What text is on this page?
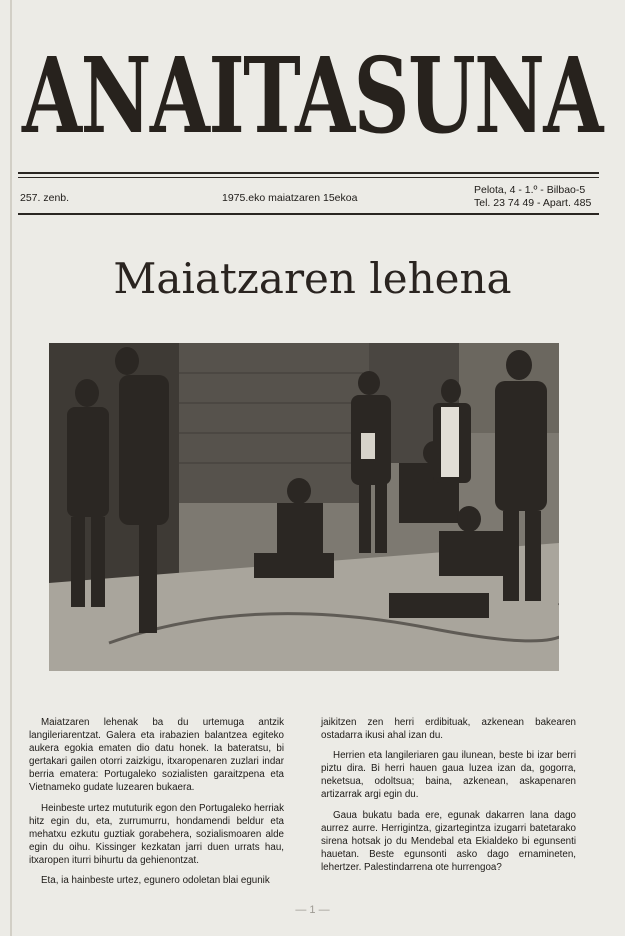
ANAITASUNA
257. zenb.	1975.eko maiatzaren 15ekoa
Pelota, 4 - 1.º - Bilbao-5
Tel. 23 74 49 - Apart. 485
Maiatzaren lehena

Maiatzaren lehenak ba du urtemuga antzik langileriarentzat. Galera eta irabazien balantzea egiteko aukera egokia ematen dio datu honek. Ia bateratsu, bi gertakari gailen otorri zaizkigu, itxaropenaren zuzlari indar berria ematera: Portugaleko sozialisten garaitzpena eta Vietnameko gudate luzearen bukaera.

Heinbeste urtez mututurik egon den Portugaleko herriak hitz egin du, eta, zurrumurru, hondamendi beldur eta mehatxu ezkutu guztiak gorabehera, sozialismoaren alde egin du oihu. Kissinger kezkatan jarri duen urrats hau, itxaropen iturri bihurtu da gehienontzat.

Eta, ia hainbeste urtez, egunero odoletan blai egunik

jaikitzen zen herri erdibituak, azkenean bakearen ostadarra ikusi ahal izan du.

Herrien eta langileriaren gau ilunean, beste bi izar berri piztu dira. Bi herri hauen gaua luzea izan da, gogorra, neketsua, odoltsua; baina, azkenean, askapenaren artizarrak argi egin du.

Gaua bukatu bada ere, egunak dakarren lana dago aurrez aurre. Herrigintza, gizartegintza izugarri batetarako sirena hotsak jo du Mendebal eta Ekialdeko bi egunsenti hauetan. Beste egunsonti asko dago ernamineten, lehertzer. Palestindarrena ote hurrengoa?

— 1 —
